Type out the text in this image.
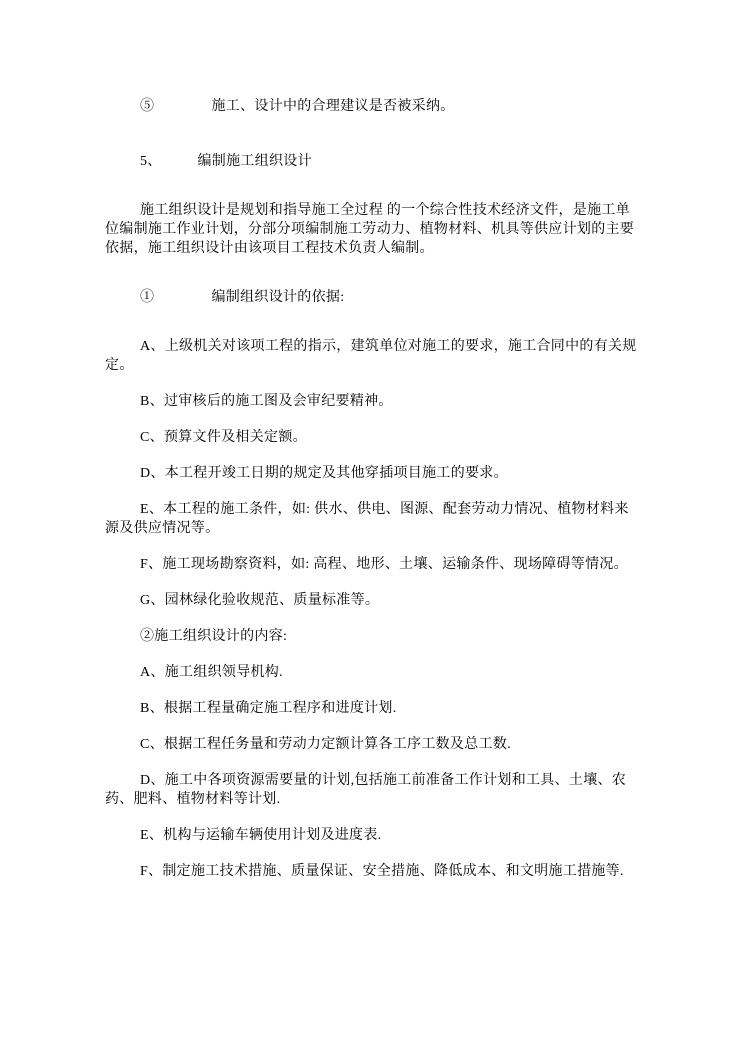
⑤　　　　施工、设计中的合理建议是否被采纳。

5、　　　编制施工组织设计

施工组织设计是规划和指导施工全过程 的一个综合性技术经济文件，是施工单位编制施工作业计划，分部分项编制施工劳动力、植物材料、机具等供应计划的主要依据，施工组织设计由该项目工程技术负责人编制。

①　　　　编制组织设计的依据:

A、上级机关对该项工程的指示，建筑单位对施工的要求，施工合同中的有关规定。

B、过审核后的施工图及会审纪要精神。

C、预算文件及相关定额。

D、本工程开竣工日期的规定及其他穿插项目施工的要求。

E、本工程的施工条件，如: 供水、供电、图源、配套劳动力情况、植物材料来源及供应情况等。

F、施工现场勘察资料，如: 高程、地形、土壤、运输条件、现场障碍等情况。

G、园林绿化验收规范、质量标准等。

②施工组织设计的内容:

A、施工组织领导机构.

B、根据工程量确定施工程序和进度计划.

C、根据工程任务量和劳动力定额计算各工序工数及总工数.

D、施工中各项资源需要量的计划,包括施工前准备工作计划和工具、土壤、农药、肥料、植物材料等计划.

E、机构与运输车辆使用计划及进度表.

F、制定施工技术措施、质量保证、安全措施、降低成本、和文明施工措施等.
